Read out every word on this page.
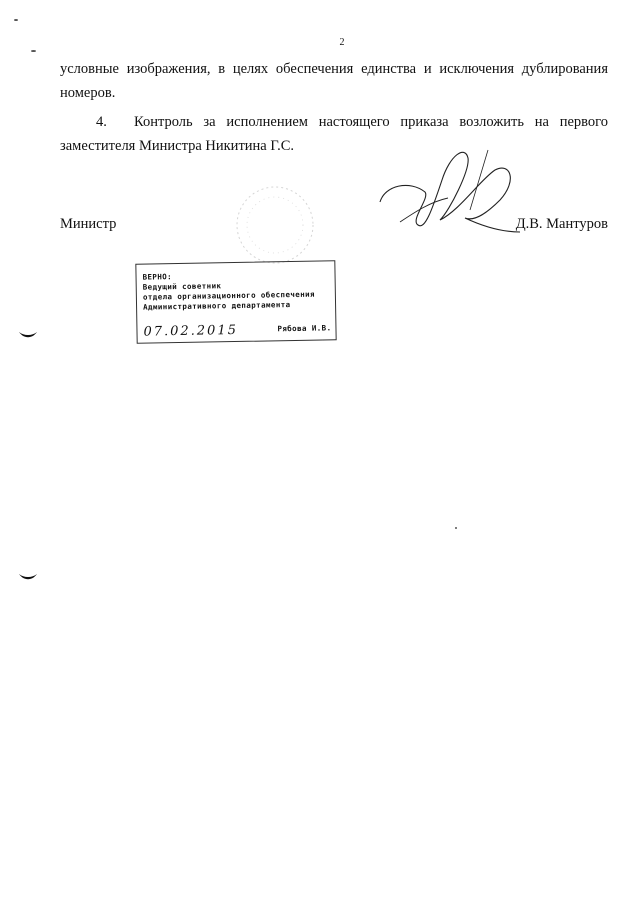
2
условные изображения, в целях обеспечения единства и исключения дублирования
номеров.
4. Контроль за исполнением настоящего приказа возложить на первого
заместителя Министра Никитина Г.С.
Министр	Д.В. Мантуров
ВЕРНО:
Ведущий советник
отдела организационного обеспечения
Административного департамента
07.02.2015	Рябова И.В.
